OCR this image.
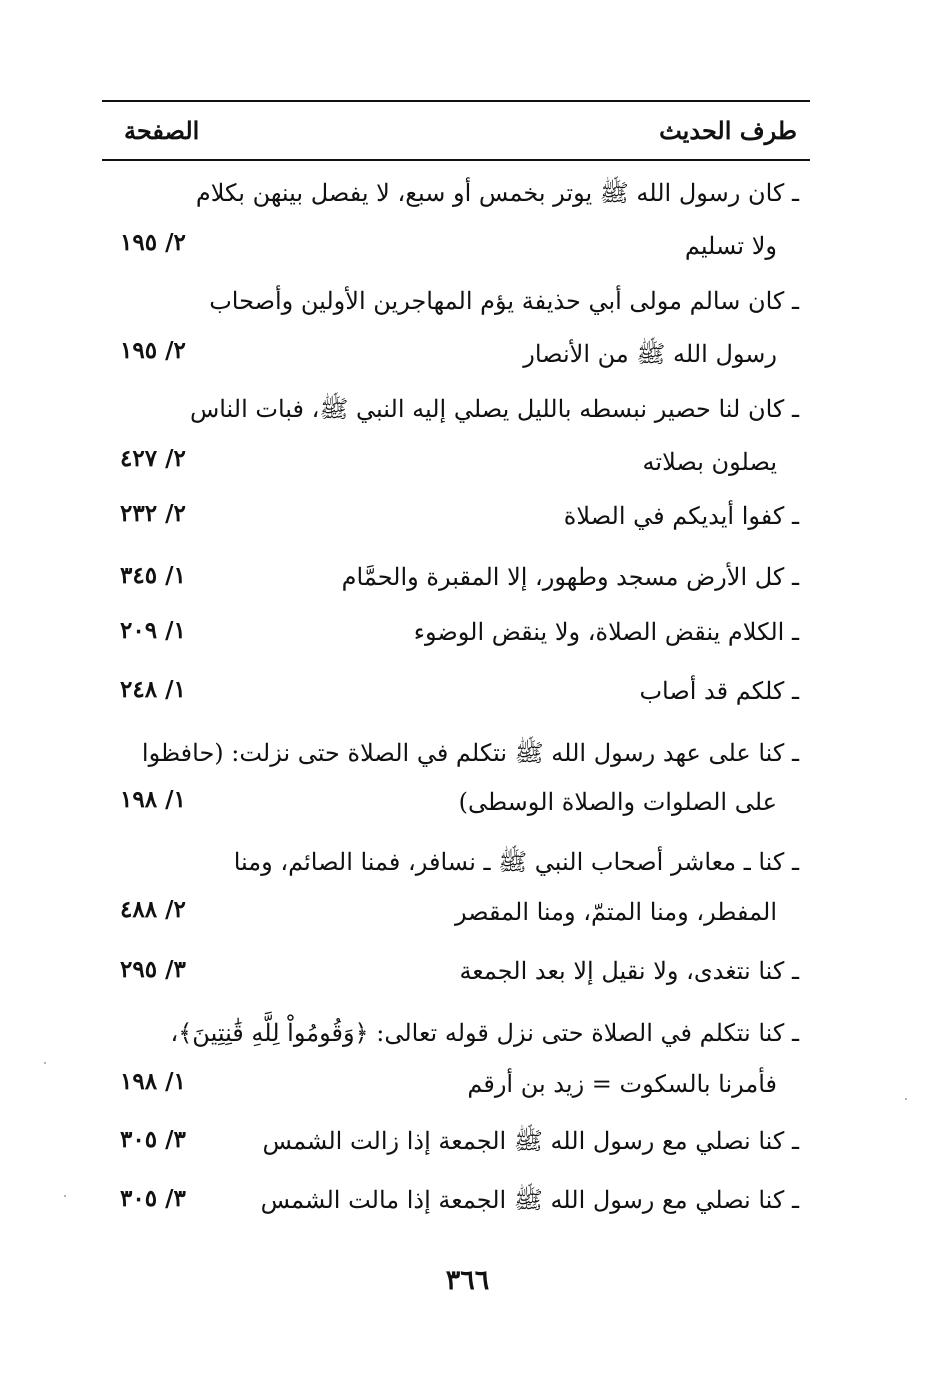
طرف الحديث
الصفحة
ـ كان رسول الله ﷺ يوتر بخمس أو سبع، لا يفصل بينهن بكلام
ولا تسليم
٢/ ١٩٥
ـ كان سالم مولى أبي حذيفة يؤم المهاجرين الأولين وأصحاب
رسول الله ﷺ من الأنصار
٢/ ١٩٥
ـ كان لنا حصير نبسطه بالليل يصلي إليه النبي ﷺ، فبات الناس
يصلون بصلاته
٢/ ٤٢٧
ـ كفوا أيديكم في الصلاة
٢/ ٢٣٢
ـ كل الأرض مسجد وطهور، إلا المقبرة والحمَّام
١/ ٣٤٥
ـ الكلام ينقض الصلاة، ولا ينقض الوضوء
١/ ٢٠٩
ـ كلكم قد أصاب
١/ ٢٤٨
ـ كنا على عهد رسول الله ﷺ نتكلم في الصلاة حتى نزلت: (حافظوا
على الصلوات والصلاة الوسطى)
١/ ١٩٨
ـ كنا ـ معاشر أصحاب النبي ﷺ ـ نسافر، فمنا الصائم، ومنا
المفطر، ومنا المتمّ، ومنا المقصر
٢/ ٤٨٨
ـ كنا نتغدى، ولا نقيل إلا بعد الجمعة
٣/ ٢٩٥
ـ كنا نتكلم في الصلاة حتى نزل قوله تعالى: ﴿وَقُومُواْ لِلَّهِ قَٰنِتِينَ﴾،
فأمرنا بالسكوت = زيد بن أرقم
١/ ١٩٨
ـ كنا نصلي مع رسول الله ﷺ الجمعة إذا زالت الشمس
٣/ ٣٠٥
ـ كنا نصلي مع رسول الله ﷺ الجمعة إذا مالت الشمس
٣/ ٣٠٥
٣٦٦
